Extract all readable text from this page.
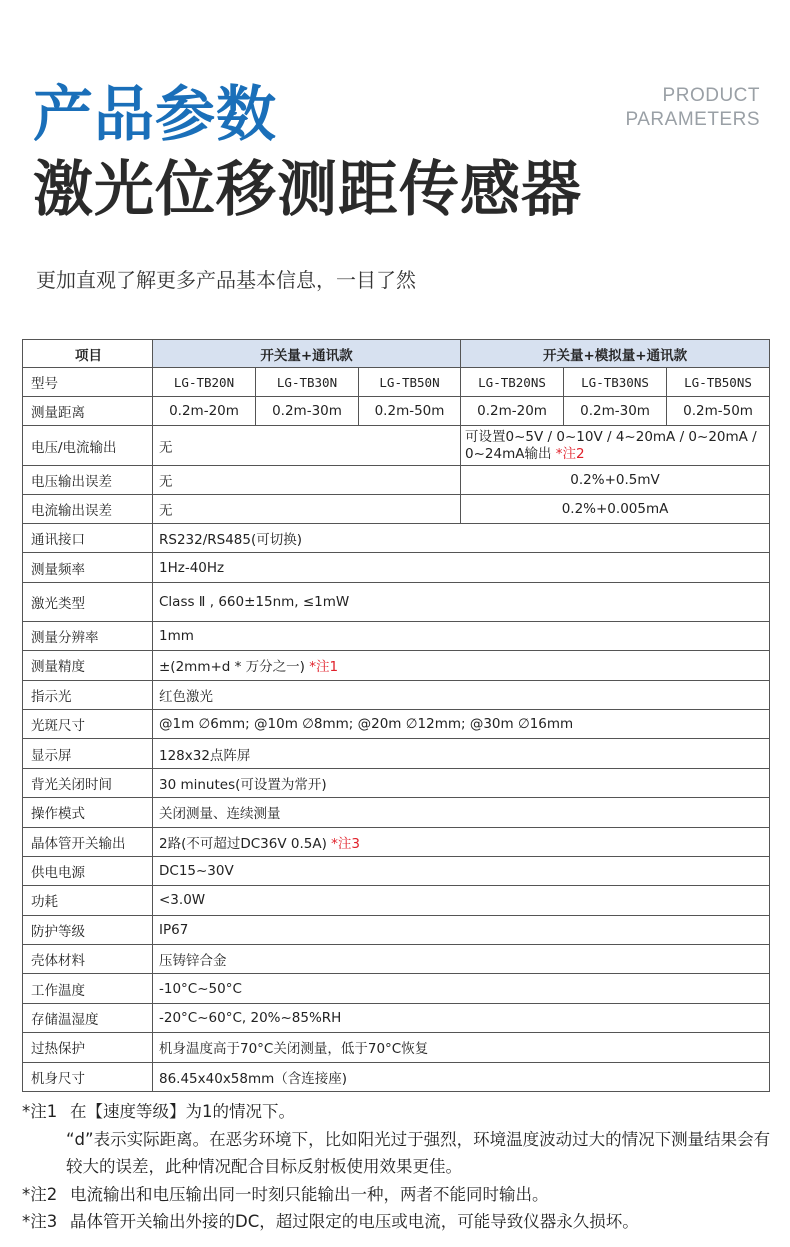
产品参数	PRODUCT
PARAMETERS
激光位移测距传感器
更加直观了解更多产品基本信息，一目了然
项目	开关量+通讯款			开关量+模拟量+通讯款		
型号	LG-TB20N	LG-TB30N	LG-TB50N	LG-TB20NS	LG-TB30NS	LG-TB50NS
测量距离	0.2m-20m	0.2m-30m	0.2m-50m	0.2m-20m	0.2m-30m	0.2m-50m
电压/电流输出	无			可设置0~5V / 0~10V / 4~20mA / 0~20mA / 0~24mA输出 *注2		
电压输出误差	无			0.2%+0.5mV		
电流输出误差	无			0.2%+0.005mA		
通讯接口	RS232/RS485(可切换)					
测量频率	1Hz-40Hz					
激光类型	Class Ⅱ , 660±15nm, ≤1mW					
测量分辨率	1mm					
测量精度	±(2mm+d * 万分之一) *注1					
指示光	红色激光					
光斑尺寸	@1m ∅6mm; @10m ∅8mm; @20m ∅12mm; @30m ∅16mm					
显示屏	128x32点阵屏					
背光关闭时间	30 minutes(可设置为常开)					
操作模式	关闭测量、连续测量					
晶体管开关输出	2路(不可超过DC36V 0.5A) *注3					
供电电源	DC15~30V					
功耗	<3.0W					
防护等级	IP67					
壳体材料	压铸锌合金					
工作温度	-10°C~50°C					
存储温湿度	-20°C~60°C, 20%~85%RH					
过热保护	机身温度高于70°C关闭测量，低于70°C恢复					
机身尺寸	86.45x40x58mm（含连接座)					
*注1 在【速度等级】为1的情况下。
“d”表示实际距离。在恶劣环境下，比如阳光过于强烈，环境温度波动过大的情况下测量结果会有较大的误差，此种情况配合目标反射板使用效果更佳。
*注2 电流输出和电压输出同一时刻只能输出一种，两者不能同时输出。
*注3 晶体管开关输出外接的DC，超过限定的电压或电流，可能导致仪器永久损坏。
